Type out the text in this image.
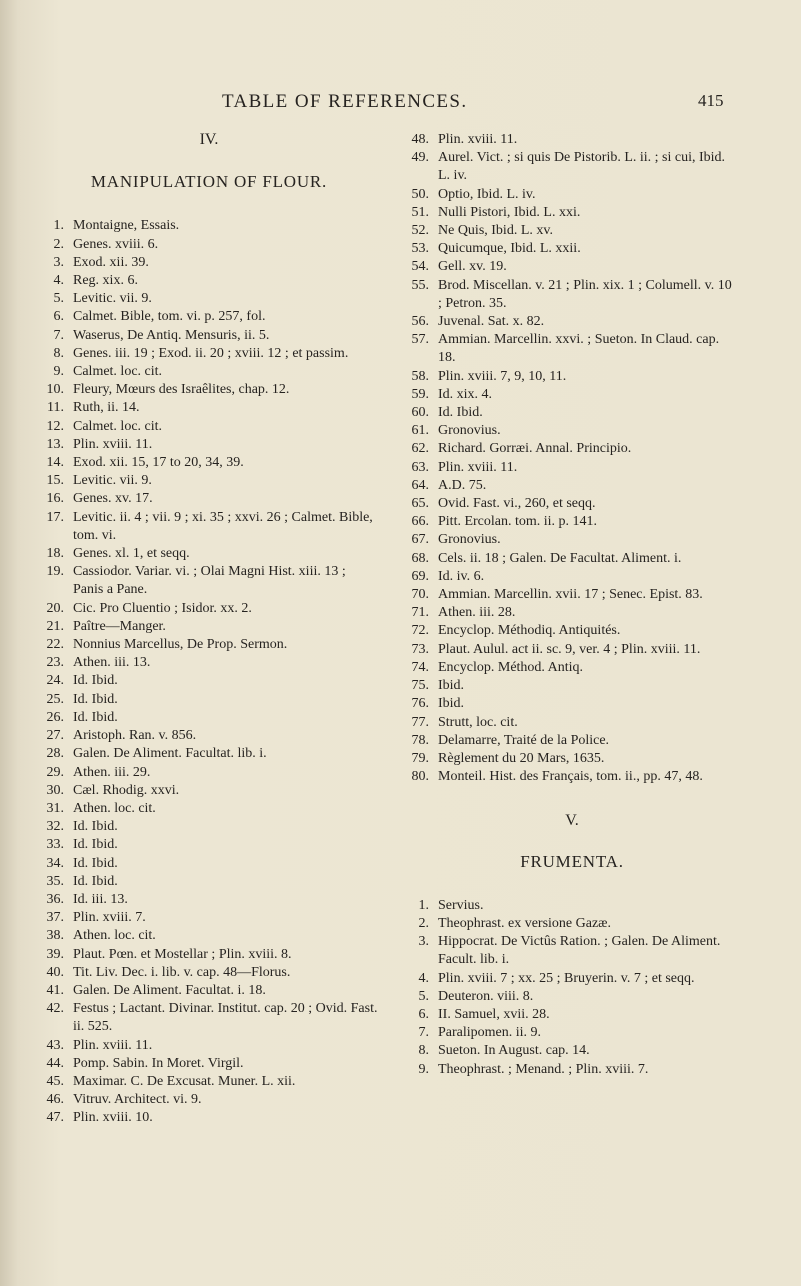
TABLE OF REFERENCES.	415
IV.
MANIPULATION OF FLOUR.
1. Montaigne, Essais.
2. Genes. xviii. 6.
3. Exod. xii. 39.
4. Reg. xix. 6.
5. Levitic. vii. 9.
6. Calmet. Bible, tom. vi. p. 257, fol.
7. Waserus, De Antiq. Mensuris, ii. 5.
8. Genes. iii. 19 ; Exod. ii. 20 ; xviii. 12 ; et passim.
9. Calmet. loc. cit.
10. Fleury, Mœurs des Israêlites, chap. 12.
11. Ruth, ii. 14.
12. Calmet. loc. cit.
13. Plin. xviii. 11.
14. Exod. xii. 15, 17 to 20, 34, 39.
15. Levitic. vii. 9.
16. Genes. xv. 17.
17. Levitic. ii. 4 ; vii. 9 ; xi. 35 ; xxvi. 26 ; Calmet. Bible, tom. vi.
18. Genes. xl. 1, et seqq.
19. Cassiodor. Variar. vi. ; Olai Magni Hist. xiii. 13 ; Panis a Pane.
20. Cic. Pro Cluentio ; Isidor. xx. 2.
21. Paître—Manger.
22. Nonnius Marcellus, De Prop. Sermon.
23. Athen. iii. 13.
24. Id. Ibid.
25. Id. Ibid.
26. Id. Ibid.
27. Aristoph. Ran. v. 856.
28. Galen. De Aliment. Facultat. lib. i.
29. Athen. iii. 29.
30. Cæl. Rhodig. xxvi.
31. Athen. loc. cit.
32. Id. Ibid.
33. Id. Ibid.
34. Id. Ibid.
35. Id. Ibid.
36. Id. iii. 13.
37. Plin. xviii. 7.
38. Athen. loc. cit.
39. Plaut. Pœn. et Mostellar ; Plin. xviii. 8.
40. Tit. Liv. Dec. i. lib. v. cap. 48—Florus.
41. Galen. De Aliment. Facultat. i. 18.
42. Festus ; Lactant. Divinar. Institut. cap. 20 ; Ovid. Fast. ii. 525.
43. Plin. xviii. 11.
44. Pomp. Sabin. In Moret. Virgil.
45. Maximar. C. De Excusat. Muner. L. xii.
46. Vitruv. Architect. vi. 9.
47. Plin. xviii. 10.
48. Plin. xviii. 11.
49. Aurel. Vict. ; si quis De Pistorib. L. ii. ; si cui, Ibid. L. iv.
50. Optio, Ibid. L. iv.
51. Nulli Pistori, Ibid. L. xxi.
52. Ne Quis, Ibid. L. xv.
53. Quicumque, Ibid. L. xxii.
54. Gell. xv. 19.
55. Brod. Miscellan. v. 21 ; Plin. xix. 1 ; Columell. v. 10 ; Petron. 35.
56. Juvenal. Sat. x. 82.
57. Ammian. Marcellin. xxvi. ; Sueton. In Claud. cap. 18.
58. Plin. xviii. 7, 9, 10, 11.
59. Id. xix. 4.
60. Id. Ibid.
61. Gronovius.
62. Richard. Gorræi. Annal. Principio.
63. Plin. xviii. 11.
64. A.D. 75.
65. Ovid. Fast. vi., 260, et seqq.
66. Pitt. Ercolan. tom. ii. p. 141.
67. Gronovius.
68. Cels. ii. 18 ; Galen. De Facultat. Aliment. i.
69. Id. iv. 6.
70. Ammian. Marcellin. xvii. 17 ; Senec. Epist. 83.
71. Athen. iii. 28.
72. Encyclop. Méthodiq. Antiquités.
73. Plaut. Aulul. act ii. sc. 9, ver. 4 ; Plin. xviii. 11.
74. Encyclop. Méthod. Antiq.
75. Ibid.
76. Ibid.
77. Strutt, loc. cit.
78. Delamarre, Traité de la Police.
79. Règlement du 20 Mars, 1635.
80. Monteil. Hist. des Français, tom. ii., pp. 47, 48.
V.
FRUMENTA.
1. Servius.
2. Theophrast. ex versione Gazæ.
3. Hippocrat. De Victûs Ration. ; Galen. De Aliment. Facult. lib. i.
4. Plin. xviii. 7 ; xx. 25 ; Bruyerin. v. 7 ; et seqq.
5. Deuteron. viii. 8.
6. II. Samuel, xvii. 28.
7. Paralipomen. ii. 9.
8. Sueton. In August. cap. 14.
9. Theophrast. ; Menand. ; Plin. xviii. 7.
